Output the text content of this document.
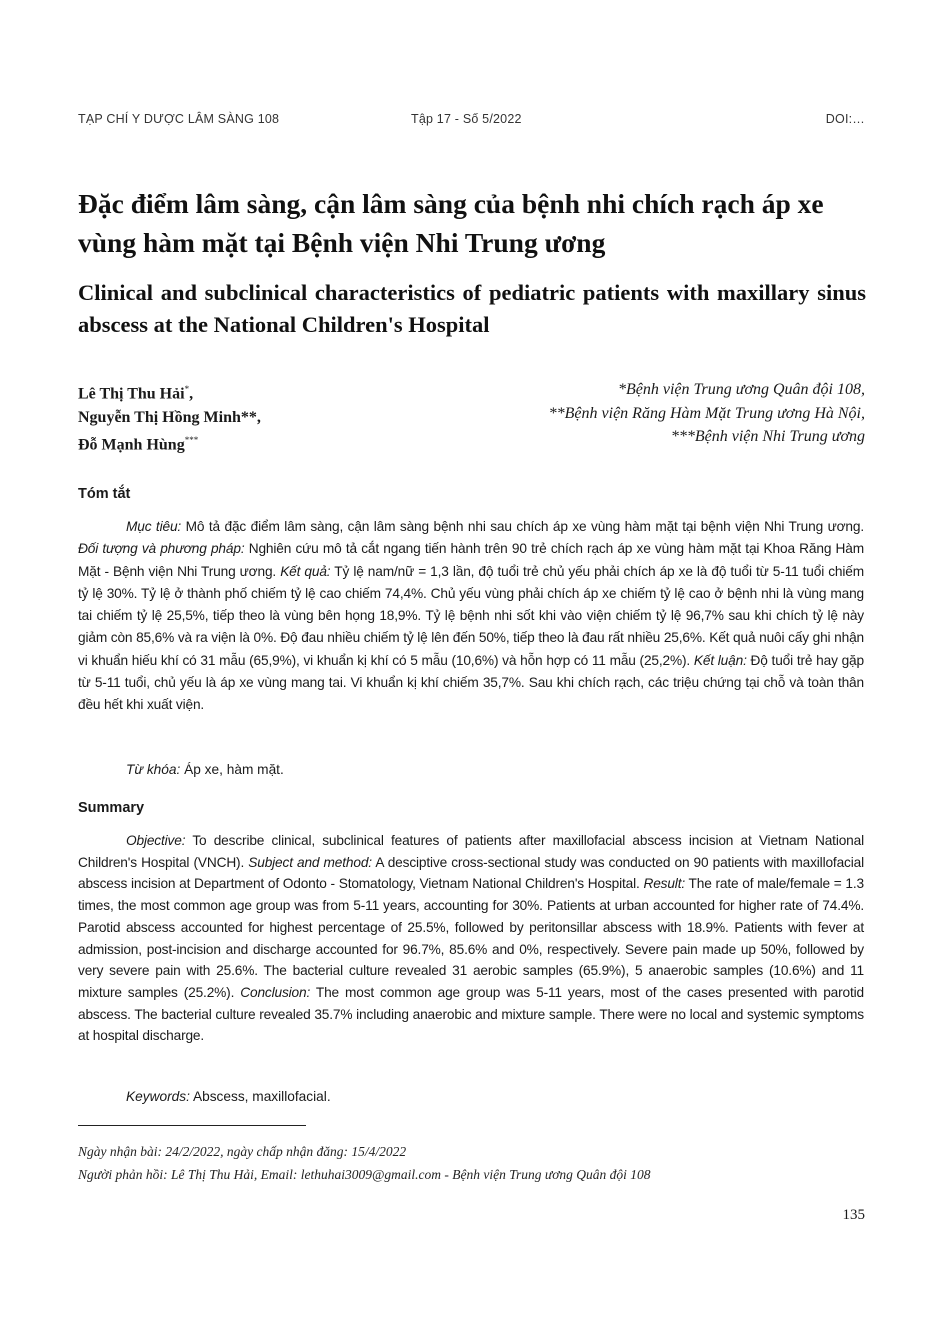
TẠP CHÍ Y DƯỢC LÂM SÀNG 108	Tập 17 - Số 5/2022	DOI:…
Đặc điểm lâm sàng, cận lâm sàng của bệnh nhi chích rạch áp xe vùng hàm mặt tại Bệnh viện Nhi Trung ương
Clinical and subclinical characteristics of pediatric patients with maxillary sinus abscess at the National Children's Hospital
Lê Thị Thu Hải*,
Nguyễn Thị Hồng Minh**,
Đỗ Mạnh Hùng***
*Bệnh viện Trung ương Quân đội 108,
**Bệnh viện Răng Hàm Mặt Trung ương Hà Nội,
***Bệnh viện Nhi Trung ương
Tóm tắt
Mục tiêu: Mô tả đặc điểm lâm sàng, cận lâm sàng bệnh nhi sau chích áp xe vùng hàm mặt tại bệnh viện Nhi Trung ương. Đối tượng và phương pháp: Nghiên cứu mô tả cắt ngang tiến hành trên 90 trẻ chích rạch áp xe vùng hàm mặt tại Khoa Răng Hàm Mặt - Bệnh viện Nhi Trung ương. Kết quả: Tỷ lệ nam/nữ = 1,3 lần, độ tuổi trẻ chủ yếu phải chích áp xe là độ tuổi từ 5-11 tuổi chiếm tỷ lệ 30%. Tỷ lệ ở thành phố chiếm tỷ lệ cao chiếm 74,4%. Chủ yếu vùng phải chích áp xe chiếm tỷ lệ cao ở bệnh nhi là vùng mang tai chiếm tỷ lệ 25,5%, tiếp theo là vùng bên họng 18,9%. Tỷ lệ bệnh nhi sốt khi vào viện chiếm tỷ lệ 96,7% sau khi chích tỷ lệ này giảm còn 85,6% và ra viện là 0%. Độ đau nhiều chiếm tỷ lệ lên đến 50%, tiếp theo là đau rất nhiều 25,6%. Kết quả nuôi cấy ghi nhận vi khuẩn hiếu khí có 31 mẫu (65,9%), vi khuẩn kị khí có 5 mẫu (10,6%) và hỗn hợp có 11 mẫu (25,2%). Kết luận: Độ tuổi trẻ hay gặp từ 5-11 tuổi, chủ yếu là áp xe vùng mang tai. Vi khuẩn kị khí chiếm 35,7%. Sau khi chích rạch, các triệu chứng tại chỗ và toàn thân đều hết khi xuất viện.
Từ khóa: Áp xe, hàm mặt.
Summary
Objective: To describe clinical, subclinical features of patients after maxillofacial abscess incision at Vietnam National Children's Hospital (VNCH). Subject and method: A desciptive cross-sectional study was conducted on 90 patients with maxillofacial abscess incision at Department of Odonto - Stomatology, Vietnam National Children's Hospital. Result: The rate of male/female = 1.3 times, the most common age group was from 5-11 years, accounting for 30%. Patients at urban accounted for higher rate of 74.4%. Parotid abscess accounted for highest percentage of 25.5%, followed by peritonsillar abscess with 18.9%. Patients with fever at admission, post-incision and discharge accounted for 96.7%, 85.6% and 0%, respectively. Severe pain made up 50%, followed by very severe pain with 25.6%. The bacterial culture revealed 31 aerobic samples (65.9%), 5 anaerobic samples (10.6%) and 11 mixture samples (25.2%). Conclusion: The most common age group was 5-11 years, most of the cases presented with parotid abscess. The bacterial culture revealed 35.7% including anaerobic and mixture sample. There were no local and systemic symptoms at hospital discharge.
Keywords: Abscess, maxillofacial.
Ngày nhận bài: 24/2/2022, ngày chấp nhận đăng: 15/4/2022
Người phản hồi: Lê Thị Thu Hải, Email: lethuhai3009@gmail.com - Bệnh viện Trung ương Quân đội 108
135
